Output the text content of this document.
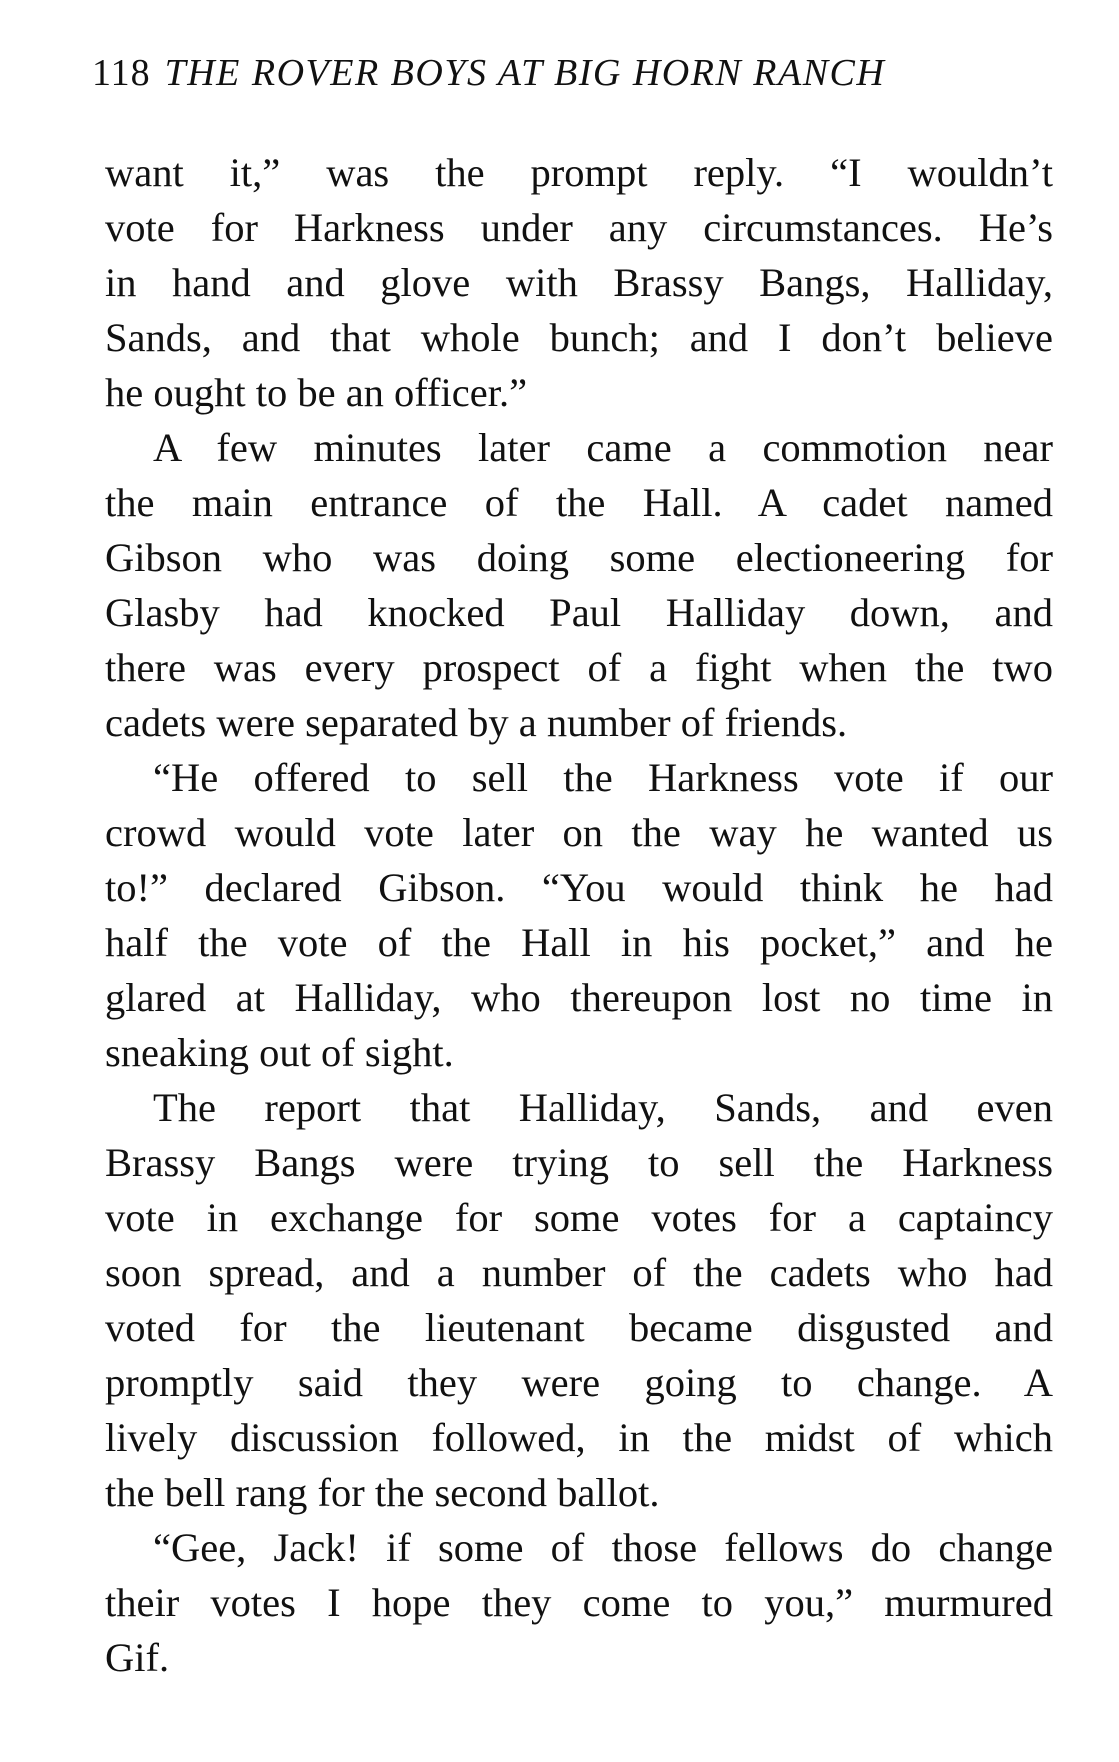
118 THE ROVER BOYS AT BIG HORN RANCH
want it,” was the prompt reply. “I wouldn’t
vote for Harkness under any circumstances. He’s
in hand and glove with Brassy Bangs, Halliday,
Sands, and that whole bunch; and I don’t believe
he ought to be an officer.”
A few minutes later came a commotion near
the main entrance of the Hall. A cadet named
Gibson who was doing some electioneering for
Glasby had knocked Paul Halliday down, and
there was every prospect of a fight when the two
cadets were separated by a number of friends.
“He offered to sell the Harkness vote if our
crowd would vote later on the way he wanted us
to!” declared Gibson. “You would think he had
half the vote of the Hall in his pocket,” and he
glared at Halliday, who thereupon lost no time in
sneaking out of sight.
The report that Halliday, Sands, and even
Brassy Bangs were trying to sell the Harkness
vote in exchange for some votes for a captaincy
soon spread, and a number of the cadets who had
voted for the lieutenant became disgusted and
promptly said they were going to change. A
lively discussion followed, in the midst of which
the bell rang for the second ballot.
“Gee, Jack! if some of those fellows do change
their votes I hope they come to you,” murmured
Gif.
